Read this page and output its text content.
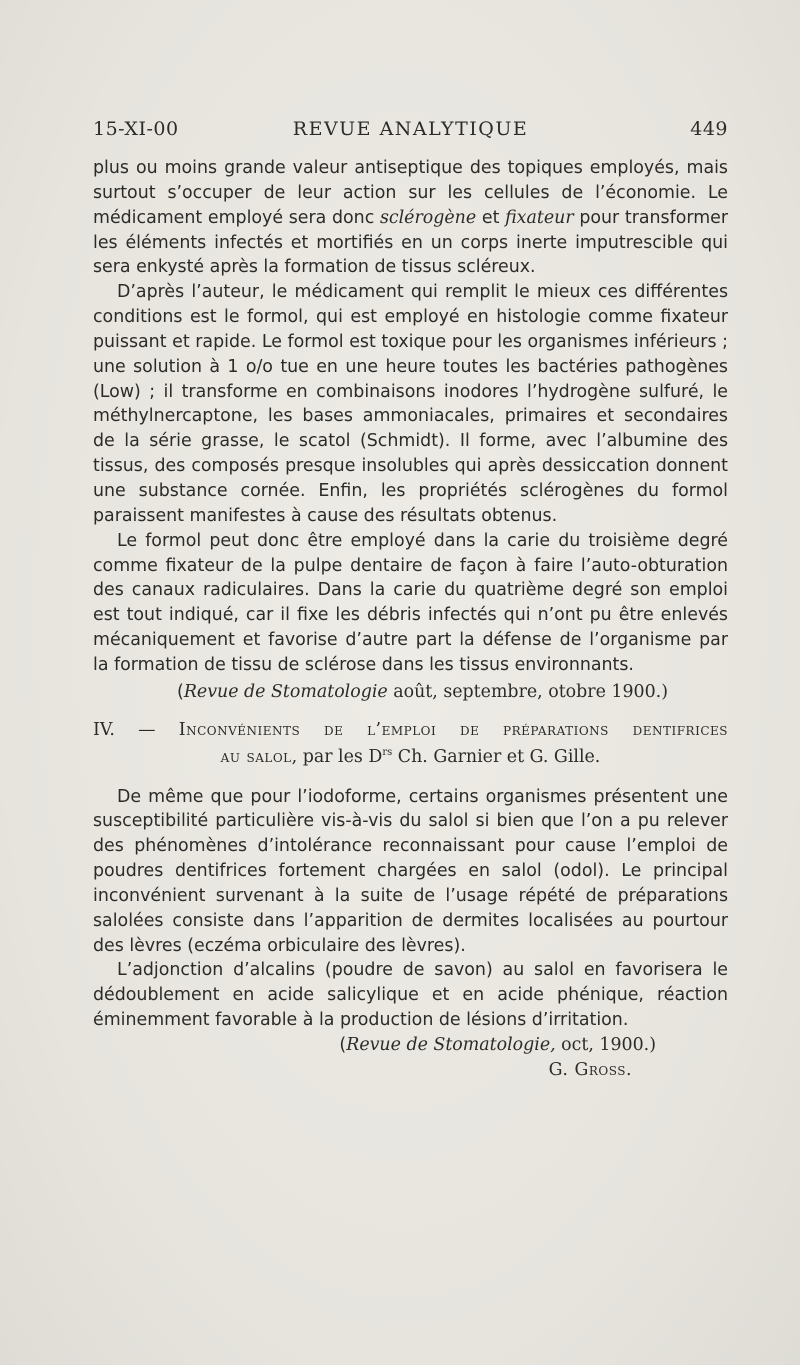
15-XI-00	REVUE ANALYTIQUE	449

plus ou moins grande valeur antiseptique des topiques employés, mais surtout s’occuper de leur action sur les cellules de l’économie. Le médicament employé sera donc sclérogène et fixateur pour transformer les éléments infectés et mortifiés en un corps inerte imputrescible qui sera enkysté après la formation de tissus scléreux.

D’après l’auteur, le médicament qui remplit le mieux ces différentes conditions est le formol, qui est employé en histologie comme fixateur puissant et rapide. Le formol est toxique pour les organismes inférieurs ; une solution à 1 o/o tue en une heure toutes les bactéries pathogènes (Low) ; il transforme en combinaisons inodores l’hydrogène sulfuré, le méthylnercaptone, les bases ammoniacales, primaires et secondaires de la série grasse, le scatol (Schmidt). Il forme, avec l’albumine des tissus, des composés presque insolubles qui après dessiccation donnent une substance cornée. Enfin, les propriétés sclérogènes du formol paraissent manifestes à cause des résultats obtenus.

Le formol peut donc être employé dans la carie du troisième degré comme fixateur de la pulpe dentaire de façon à faire l’auto-obturation des canaux radiculaires. Dans la carie du quatrième degré son emploi est tout indiqué, car il fixe les débris infectés qui n’ont pu être enlevés mécaniquement et favorise d’autre part la défense de l’organisme par la formation de tissu de sclérose dans les tissus environnants.

(Revue de Stomatologie août, septembre, otobre 1900.)
IV. — Inconvénients de l’emploi de préparations dentifrices
au salol, par les $D^{rs}$ Ch. Garnier et G. Gille.

De même que pour l’iodoforme, certains organismes présentent une susceptibilité particulière vis-à-vis du salol si bien que l’on a pu relever des phénomènes d’intolérance reconnaissant pour cause l’emploi de poudres dentifrices fortement chargées en salol (odol). Le principal inconvénient survenant à la suite de l’usage répété de préparations salolées consiste dans l’apparition de dermites localisées au pourtour des lèvres (eczéma orbiculaire des lèvres).

L’adjonction d’alcalins (poudre de savon) au salol en favorisera le dédoublement en acide salicylique et en acide phénique, réaction éminemment favorable à la production de lésions d’irritation.

(Revue de Stomatologie, oct, 1900.)
G. Gross.
